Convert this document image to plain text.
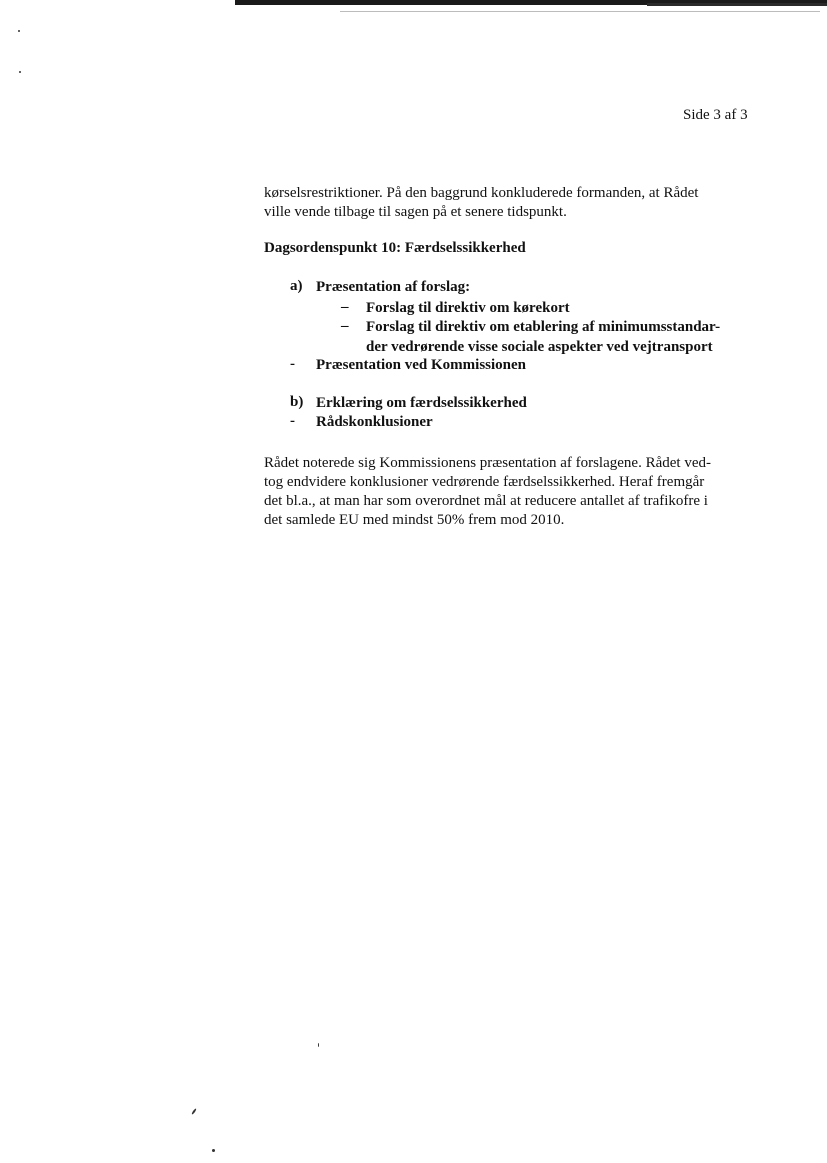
Side 3 af 3

kørselsrestriktioner. På den baggrund konkluderede formanden, at Rådet

ville vende tilbage til sagen på et senere tidspunkt.

Dagsordenspunkt 10: Færdselssikkerhed
a) Præsentation af forslag:

– Forslag til direktiv om kørekort

– Forslag til direktiv om etablering af minimumsstandar-

der vedrørende visse sociale aspekter ved vejtransport

- Præsentation ved Kommissionen

b) Erklæring om færdselssikkerhed

- Rådskonklusioner

Rådet noterede sig Kommissionens præsentation af forslagene. Rådet ved-

tog endvidere konklusioner vedrørende færdselssikkerhed. Heraf fremgår

det bl.a., at man har som overordnet mål at reducere antallet af trafikofre i

det samlede EU med mindst 50% frem mod 2010.
